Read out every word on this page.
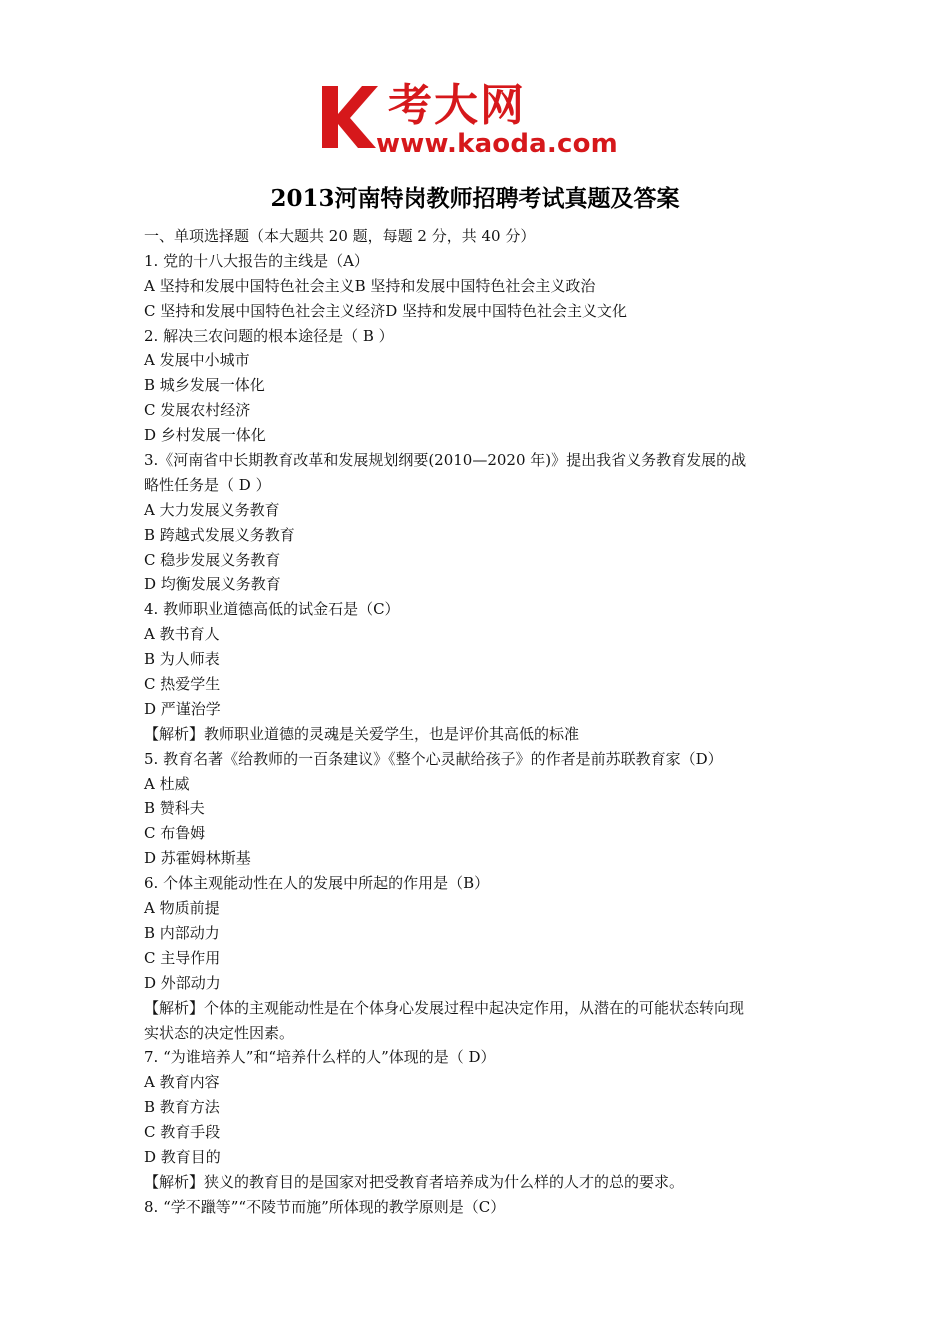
考大网
www.kaoda.com
2013河南特岗教师招聘考试真题及答案
一、单项选择题（本大题共 20 题，每题 2 分，共 40 分）
1. 党的十八大报告的主线是（A）
A 坚持和发展中国特色社会主义B 坚持和发展中国特色社会主义政治
C 坚持和发展中国特色社会主义经济D 坚持和发展中国特色社会主义文化
2. 解决三农问题的根本途径是（ B ）
A 发展中小城市
B 城乡发展一体化
C 发展农村经济
D 乡村发展一体化
3.《河南省中长期教育改革和发展规划纲要(2010—2020 年)》提出我省义务教育发展的战
略性任务是（ D ）
A 大力发展义务教育
B 跨越式发展义务教育
C 稳步发展义务教育
D 均衡发展义务教育
4. 教师职业道德高低的试金石是（C）
A 教书育人
B 为人师表
C 热爱学生
D 严谨治学
【解析】教师职业道德的灵魂是关爱学生，也是评价其高低的标准
5. 教育名著《给教师的一百条建议》《整个心灵献给孩子》的作者是前苏联教育家（D）
A 杜威
B 赞科夫
C 布鲁姆
D 苏霍姆林斯基
6. 个体主观能动性在人的发展中所起的作用是（B）
A 物质前提
B 内部动力
C 主导作用
D 外部动力
【解析】个体的主观能动性是在个体身心发展过程中起决定作用，从潜在的可能状态转向现
实状态的决定性因素。
7. “为谁培养人”和“培养什么样的人”体现的是（ D）
A 教育内容
B 教育方法
C 教育手段
D 教育目的
【解析】狭义的教育目的是国家对把受教育者培养成为什么样的人才的总的要求。
8. “学不躐等”“不陵节而施”所体现的教学原则是（C）
